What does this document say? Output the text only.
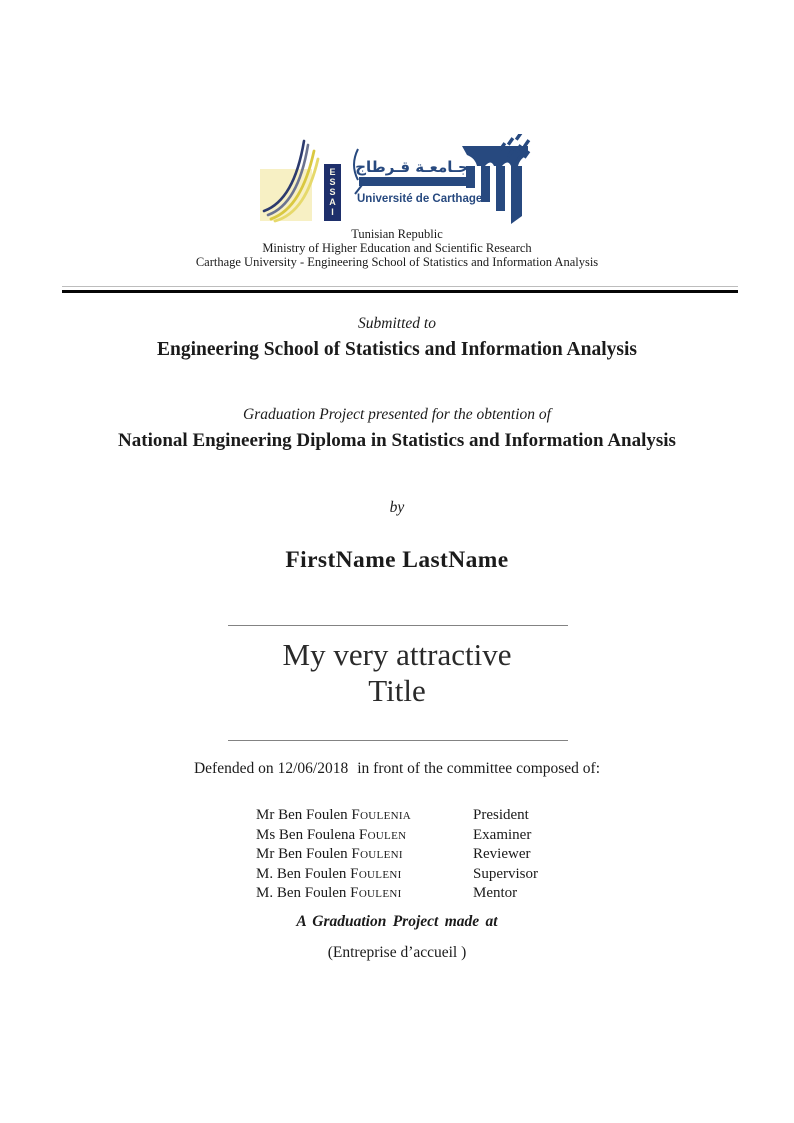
E
S
S
A
I
جـامعـة قـرطاج
Université de Carthage
Tunisian Republic
Ministry of Higher Education and Scientific Research
Carthage University - Engineering School of Statistics and Information Analysis
Submitted to
Engineering School of Statistics and Information Analysis
Graduation Project presented for the obtention of
National Engineering Diploma in Statistics and Information Analysis
by
FirstName LastName
My very attractive
Title
Defended on 12/06/2018 in front of the committee composed of:
Mr Ben Foulen Foulenia	President
Ms Ben Foulena Foulen	Examiner
Mr Ben Foulen Fouleni	Reviewer
M. Ben Foulen Fouleni	Supervisor
M. Ben Foulen Fouleni	Mentor
A Graduation Project made at
(Entreprise d’accueil )
